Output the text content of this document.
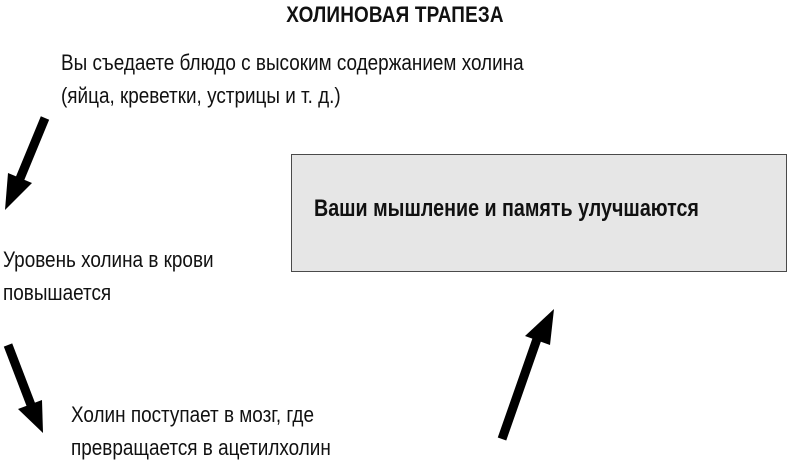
ХОЛИНОВАЯ ТРАПЕЗА
Вы съедаете блюдо с высоким содержанием холина
(яйца, креветки, устрицы и т. д.)
Уровень холина в крови
повышается
Холин поступает в мозг, где
превращается в ацетилхолин
Ваши мышление и память улучшаются
